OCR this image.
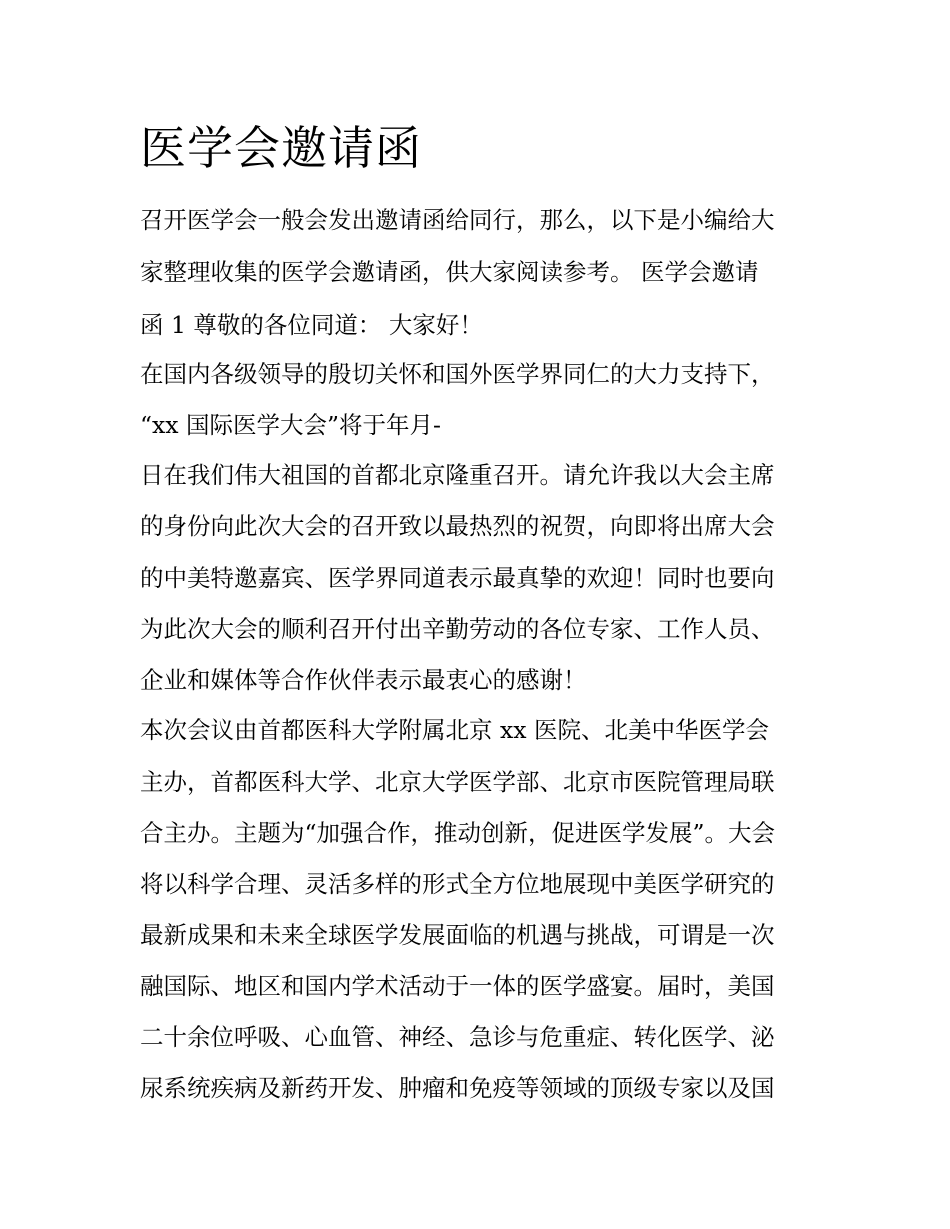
医学会邀请函

召开医学会一般会发出邀请函给同行，那么，以下是小编给大

家整理收集的医学会邀请函，供大家阅读参考。 医学会邀请

函 1 尊敬的各位同道： 大家好！

在国内各级领导的殷切关怀和国外医学界同仁的大力支持下，

“xx 国际医学大会”将于年月-

日在我们伟大祖国的首都北京隆重召开。请允许我以大会主席

的身份向此次大会的召开致以最热烈的祝贺，向即将出席大会

的中美特邀嘉宾、医学界同道表示最真挚的欢迎！同时也要向

为此次大会的顺利召开付出辛勤劳动的各位专家、工作人员、

企业和媒体等合作伙伴表示最衷心的感谢！

本次会议由首都医科大学附属北京 xx 医院、北美中华医学会

主办，首都医科大学、北京大学医学部、北京市医院管理局联

合主办。主题为“加强合作，推动创新，促进医学发展”。大会

将以科学合理、灵活多样的形式全方位地展现中美医学研究的

最新成果和未来全球医学发展面临的机遇与挑战，可谓是一次

融国际、地区和国内学术活动于一体的医学盛宴。届时，美国

二十余位呼吸、心血管、神经、急诊与危重症、转化医学、泌

尿系统疾病及新药开发、肿瘤和免疫等领域的顶级专家以及国
